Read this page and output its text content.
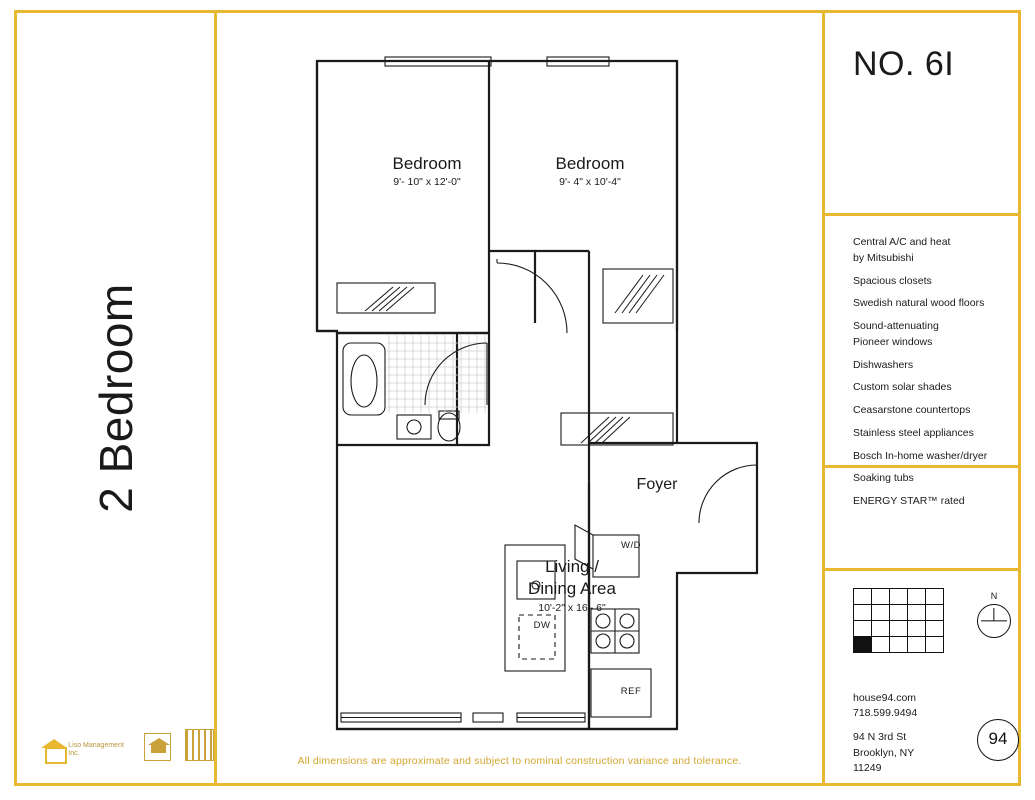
2 Bedroom
Liso Management Inc.
Bedroom
9'- 10" x 12'-0"
Bedroom
9'- 4" x 10'-4"
Living /
Dining Area
10'-2" x 16'- 6"
Foyer
W/D
DW
REF
All dimensions are approximate and subject to nominal construction variance and tolerance.
NO. 6I
Central A/C and heat
by Mitsubishi
Spacious closets
Swedish natural wood floors
Sound-attenuating
Pioneer windows
Dishwashers
Custom solar shades
Ceasarstone countertops
Stainless steel appliances
Bosch In-home washer/dryer
Soaking tubs
ENERGY STAR™ rated
N
house94.com
718.599.9494
94 N 3rd St
Brooklyn, NY
11249
94
